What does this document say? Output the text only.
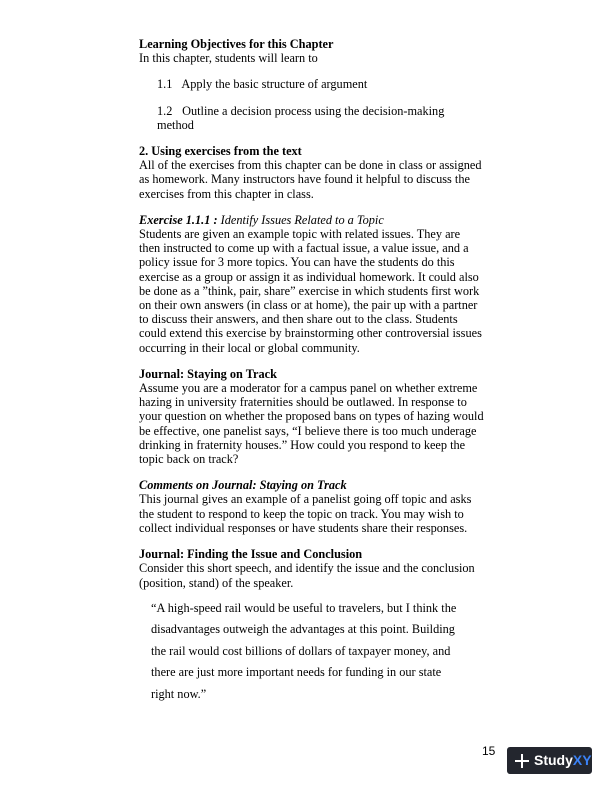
Learning Objectives for this Chapter
In this chapter, students will learn to
1.1 Apply the basic structure of argument
1.2 Outline a decision process using the decision-making method
2. Using exercises from the text
All of the exercises from this chapter can be done in class or assigned as homework. Many instructors have found it helpful to discuss the exercises from this chapter in class.
Exercise 1.1.1 : Identify Issues Related to a Topic
Students are given an example topic with related issues. They are then instructed to come up with a factual issue, a value issue, and a policy issue for 3 more topics. You can have the students do this exercise as a group or assign it as individual homework. It could also be done as a ”think, pair, share” exercise in which students first work on their own answers (in class or at home), the pair up with a partner to discuss their answers, and then share out to the class. Students could extend this exercise by brainstorming other controversial issues occurring in their local or global community.
Journal: Staying on Track
Assume you are a moderator for a campus panel on whether extreme hazing in university fraternities should be outlawed. In response to your question on whether the proposed bans on types of hazing would be effective, one panelist says, “I believe there is too much underage drinking in fraternity houses.” How could you respond to keep the topic back on track?
Comments on Journal: Staying on Track
This journal gives an example of a panelist going off topic and asks the student to respond to keep the topic on track. You may wish to collect individual responses or have students share their responses.
Journal: Finding the Issue and Conclusion
Consider this short speech, and identify the issue and the conclusion (position, stand) of the speaker.
“A high-speed rail would be useful to travelers, but I think the
disadvantages outweigh the advantages at this point. Building
the rail would cost billions of dollars of taxpayer money, and
there are just more important needs for funding in our state
right now.”
15
Study XY
